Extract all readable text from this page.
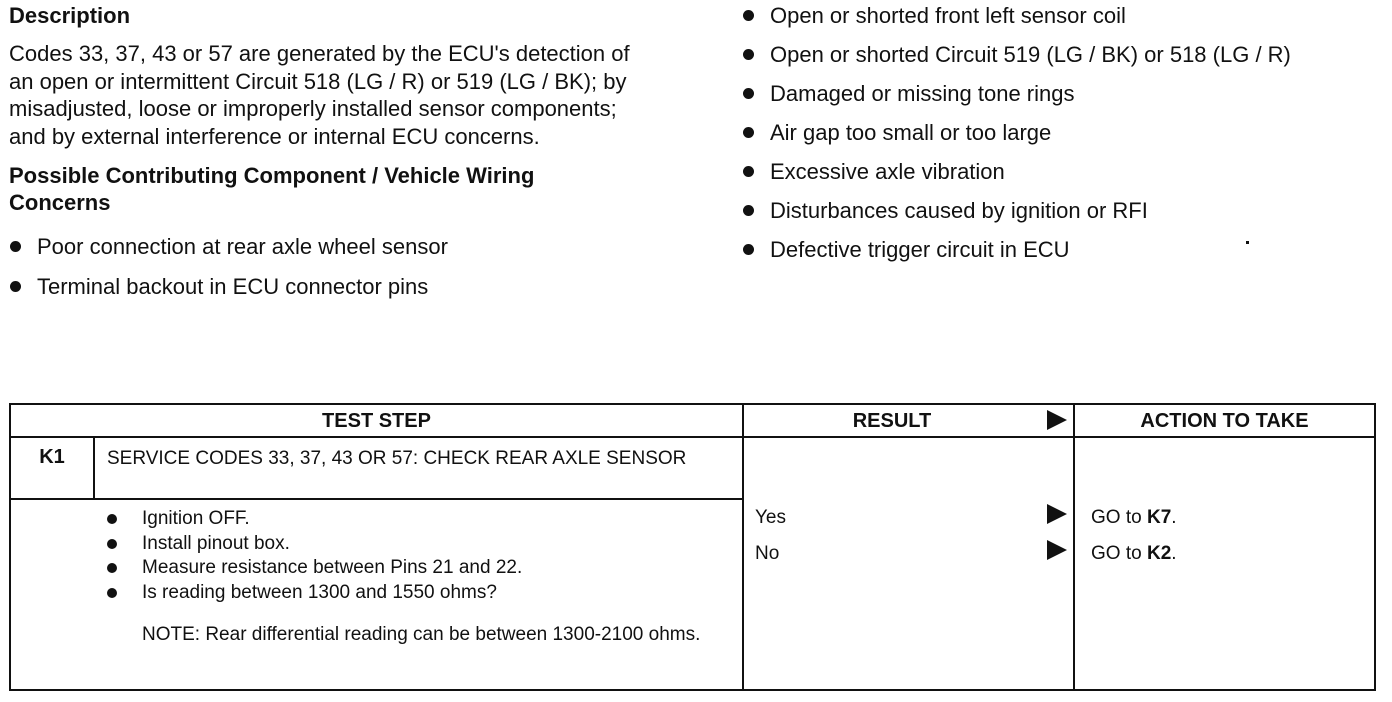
Description

Codes 33, 37, 43 or 57 are generated by the ECU's detection of an open or intermittent Circuit 518 (LG / R) or 519 (LG / BK); by misadjusted, loose or improperly installed sensor components; and by external interference or internal ECU concerns.

Possible Contributing Component / Vehicle Wiring Concerns
Poor connection at rear axle wheel sensor
Terminal backout in ECU connector pins
Open or shorted front left sensor coil
Open or shorted Circuit 519 (LG / BK) or 518 (LG / R)
Damaged or missing tone rings
Air gap too small or too large
Excessive axle vibration
Disturbances caused by ignition or RFI
Defective trigger circuit in ECU
TEST STEP	RESULT	ACTION TO TAKE
K1	SERVICE CODES 33, 37, 43 OR 57: CHECK REAR AXLE SENSOR
Ignition OFF.
Install pinout box.
Measure resistance between Pins 21 and 22.
Is reading between 1300 and 1550 ohms?
NOTE: Rear differential reading can be between 1300-2100 ohms.
Yes	GO to K7.
No	GO to K2.
